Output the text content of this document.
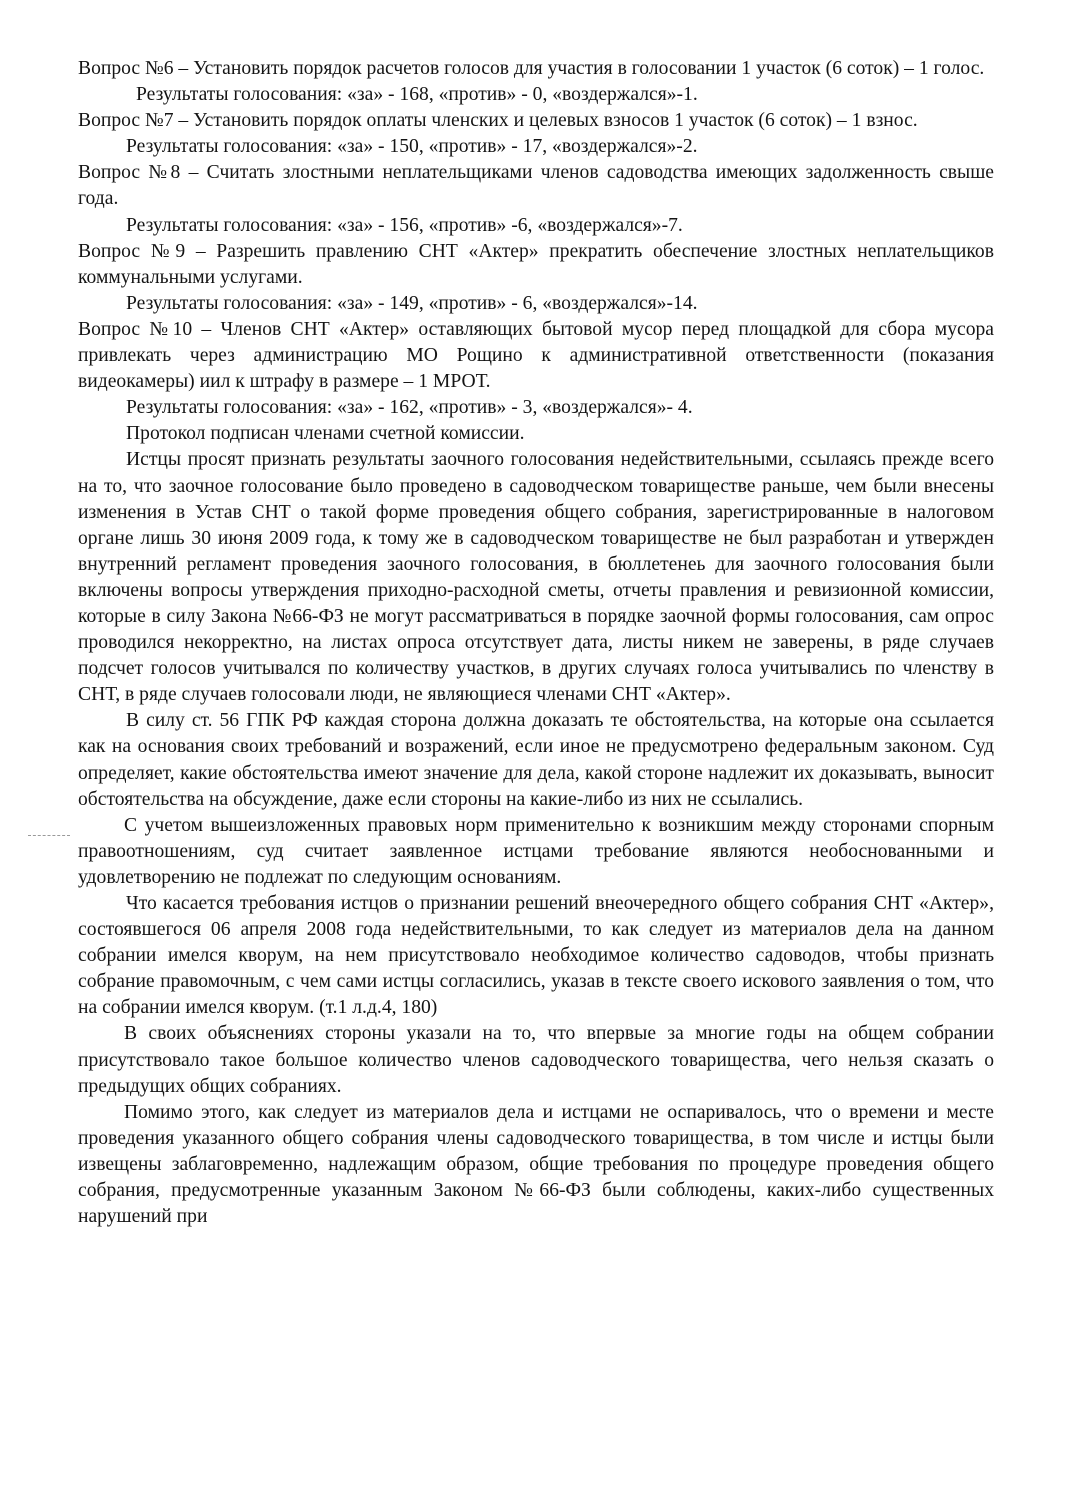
Вопрос №6 – Установить порядок расчетов голосов для участия в голосовании 1 участок (6 соток) – 1 голос.

Результаты голосования: «за» - 168, «против» - 0, «воздержался»-1.

Вопрос №7 – Установить порядок оплаты членских и целевых взносов 1 участок (6 соток) – 1 взнос.

Результаты голосования: «за» - 150, «против» - 17, «воздержался»-2.

Вопрос №8 – Считать злостными неплательщиками членов садоводства имеющих задолженность свыше года.

Результаты голосования: «за» - 156, «против» -6, «воздержался»-7.

Вопрос №9 – Разрешить правлению СНТ «Актер» прекратить обеспечение злостных неплательщиков коммунальными услугами.

Результаты голосования: «за» - 149, «против» - 6, «воздержался»-14.

Вопрос №10 – Членов СНТ «Актер» оставляющих бытовой мусор перед площадкой для сбора мусора привлекать через администрацию МО Рощино к административной ответственности (показания видеокамеры) иил к штрафу в размере – 1 МРОТ.

Результаты голосования: «за» - 162, «против» - 3, «воздержался»- 4.

Протокол подписан членами счетной комиссии.

Истцы просят признать результаты заочного голосования недействительными, ссылаясь прежде всего на то, что заочное голосование было проведено в садоводческом товариществе раньше, чем были внесены изменения в Устав СНТ о такой форме проведения общего собрания, зарегистрированные в налоговом органе лишь 30 июня 2009 года, к тому же в садоводческом товариществе не был разработан и утвержден внутренний регламент проведения заочного голосования, в бюллетенеь для заочного голосования были включены вопросы утверждения приходно-расходной сметы, отчеты правления и ревизионной комиссии, которые в силу Закона №66-ФЗ не могут рассматриваться в порядке заочной формы голосования, сам опрос проводился некорректно, на листах опроса отсутствует дата, листы никем не заверены, в ряде случаев подсчет голосов учитывался по количеству участков, в других случаях голоса учитывались по членству в СНТ, в ряде случаев голосовали люди, не являющиеся членами СНТ «Актер».

В силу ст. 56 ГПК РФ каждая сторона должна доказать те обстоятельства, на которые она ссылается как на основания своих требований и возражений, если иное не предусмотрено федеральным законом. Суд определяет, какие обстоятельства имеют значение для дела, какой стороне надлежит их доказывать, выносит обстоятельства на обсуждение, даже если стороны на какие-либо из них не ссылались.

С учетом вышеизложенных правовых норм применительно к возникшим между сторонами спорным правоотношениям, суд считает заявленное истцами требование являются необоснованными и удовлетворению не подлежат по следующим основаниям.

Что касается требования истцов о признании решений внеочередного общего собрания СНТ «Актер», состоявшегося 06 апреля 2008 года недействительными, то как следует из материалов дела на данном собрании имелся кворум, на нем присутствовало необходимое количество садоводов, чтобы признать собрание правомочным, с чем сами истцы согласились, указав в тексте своего искового заявления о том, что на собрании имелся кворум. (т.1 л.д.4, 180)

В своих объяснениях стороны указали на то, что впервые за многие годы на общем собрании присутствовало такое большое количество членов садоводческого товарищества, чего нельзя сказать о предыдущих общих собраниях.

Помимо этого, как следует из материалов дела и истцами не оспаривалось, что о времени и месте проведения указанного общего собрания члены садоводческого товарищества, в том числе и истцы были извещены заблаговременно, надлежащим образом, общие требования по процедуре проведения общего собрания, предусмотренные указанным Законом №66-ФЗ были соблюдены, каких-либо существенных нарушений при
